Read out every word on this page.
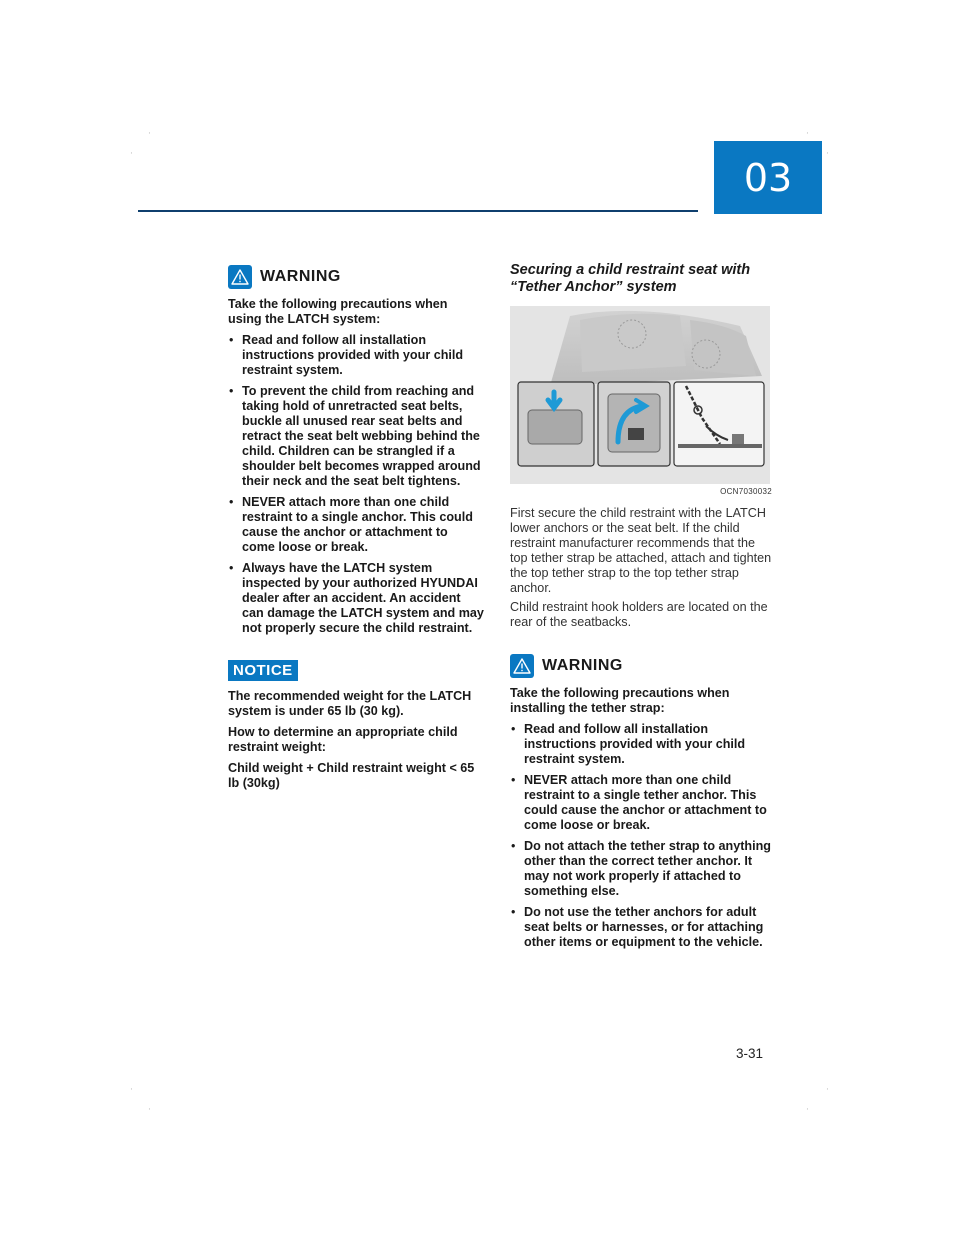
·	·
·	·
·	·
·	·
03
WARNING

Take the following precautions when using the LATCH system:

• Read and follow all installation instructions provided with your child restraint system.
• To prevent the child from reaching and taking hold of unretracted seat belts, buckle all unused rear seat belts and retract the seat belt webbing behind the child. Children can be strangled if a shoulder belt becomes wrapped around their neck and the seat belt tightens.
• NEVER attach more than one child restraint to a single anchor. This could cause the anchor or attachment to come loose or break.
• Always have the LATCH system inspected by your authorized HYUNDAI dealer after an accident. An accident can damage the LATCH system and may not properly secure the child restraint.
NOTICE

The recommended weight for the LATCH system is under 65 lb (30 kg).

How to determine an appropriate child restraint weight:

Child weight + Child restraint weight < 65 lb (30kg)

Securing a child restraint seat with “Tether Anchor” system

OCN7030032

First secure the child restraint with the LATCH lower anchors or the seat belt. If the child restraint manufacturer recommends that the top tether strap be attached, attach and tighten the top tether strap to the top tether strap anchor.

Child restraint hook holders are located on the rear of the seatbacks.

WARNING

Take the following precautions when installing the tether strap:

• Read and follow all installation instructions provided with your child restraint system.
• NEVER attach more than one child restraint to a single tether anchor. This could cause the anchor or attachment to come loose or break.
• Do not attach the tether strap to anything other than the correct tether anchor. It may not work properly if attached to something else.
• Do not use the tether anchors for adult seat belts or harnesses, or for attaching other items or equipment to the vehicle.
3-31
